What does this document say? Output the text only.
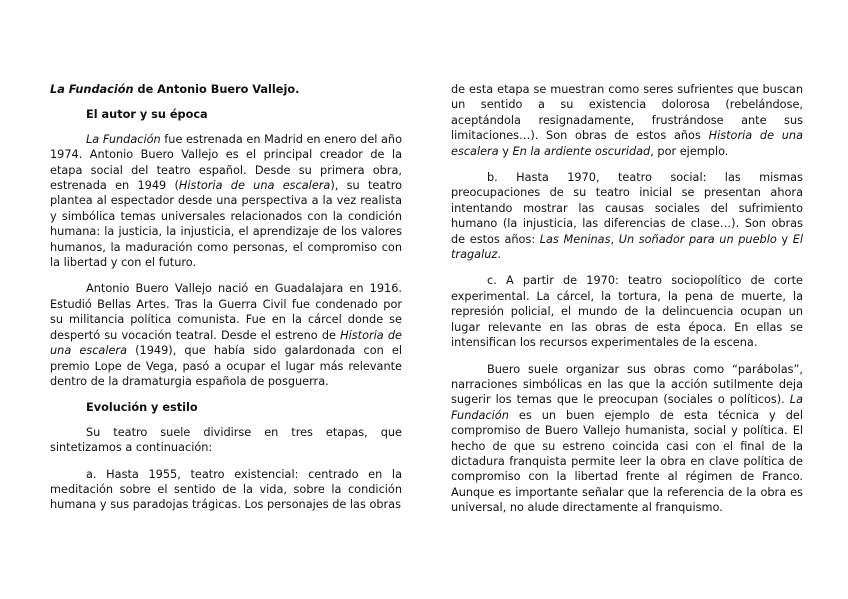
La Fundación de Antonio Buero Vallejo.

El autor y su época

La Fundación fue estrenada en Madrid en enero del año 1974. Antonio Buero Vallejo es el principal creador de la etapa social del teatro español. Desde su primera obra, estrenada en 1949 (Historia de una escalera), su teatro plantea al espectador desde una perspectiva a la vez realista y simbólica temas universales relacionados con la condición humana: la justicia, la injusticia, el aprendizaje de los valores humanos, la maduración como personas, el compromiso con la libertad y con el futuro.

Antonio Buero Vallejo nació en Guadalajara en 1916. Estudió Bellas Artes. Tras la Guerra Civil fue condenado por su militancia política comunista. Fue en la cárcel donde se despertó su vocación teatral. Desde el estreno de Historia de una escalera (1949), que había sido galardonada con el premio Lope de Vega, pasó a ocupar el lugar más relevante dentro de la dramaturgia española de posguerra.

Evolución y estilo

Su teatro suele dividirse en tres etapas, que sintetizamos a continuación:

a. Hasta 1955, teatro existencial: centrado en la meditación sobre el sentido de la vida, sobre la condición humana y sus paradojas trágicas. Los personajes de las obras

de esta etapa se muestran como seres sufrientes que buscan un sentido a su existencia dolorosa (rebelándose, aceptándola resignadamente, frustrándose ante sus limitaciones…). Son obras de estos años Historia de una escalera y En la ardiente oscuridad, por ejemplo.

b. Hasta 1970, teatro social: las mismas preocupaciones de su teatro inicial se presentan ahora intentando mostrar las causas sociales del sufrimiento humano (la injusticia, las diferencias de clase…). Son obras de estos años: Las Meninas, Un soñador para un pueblo y El tragaluz.

c. A partir de 1970: teatro sociopolítico de corte experimental. La cárcel, la tortura, la pena de muerte, la represión policial, el mundo de la delincuencia ocupan un lugar relevante en las obras de esta época. En ellas se intensifican los recursos experimentales de la escena.

Buero suele organizar sus obras como “parábolas”, narraciones simbólicas en las que la acción sutilmente deja sugerir los temas que le preocupan (sociales o políticos). La Fundación es un buen ejemplo de esta técnica y del compromiso de Buero Vallejo humanista, social y política. El hecho de que su estreno coincida casi con el final de la dictadura franquista permite leer la obra en clave política de compromiso con la libertad frente al régimen de Franco. Aunque es importante señalar que la referencia de la obra es universal, no alude directamente al franquismo.
